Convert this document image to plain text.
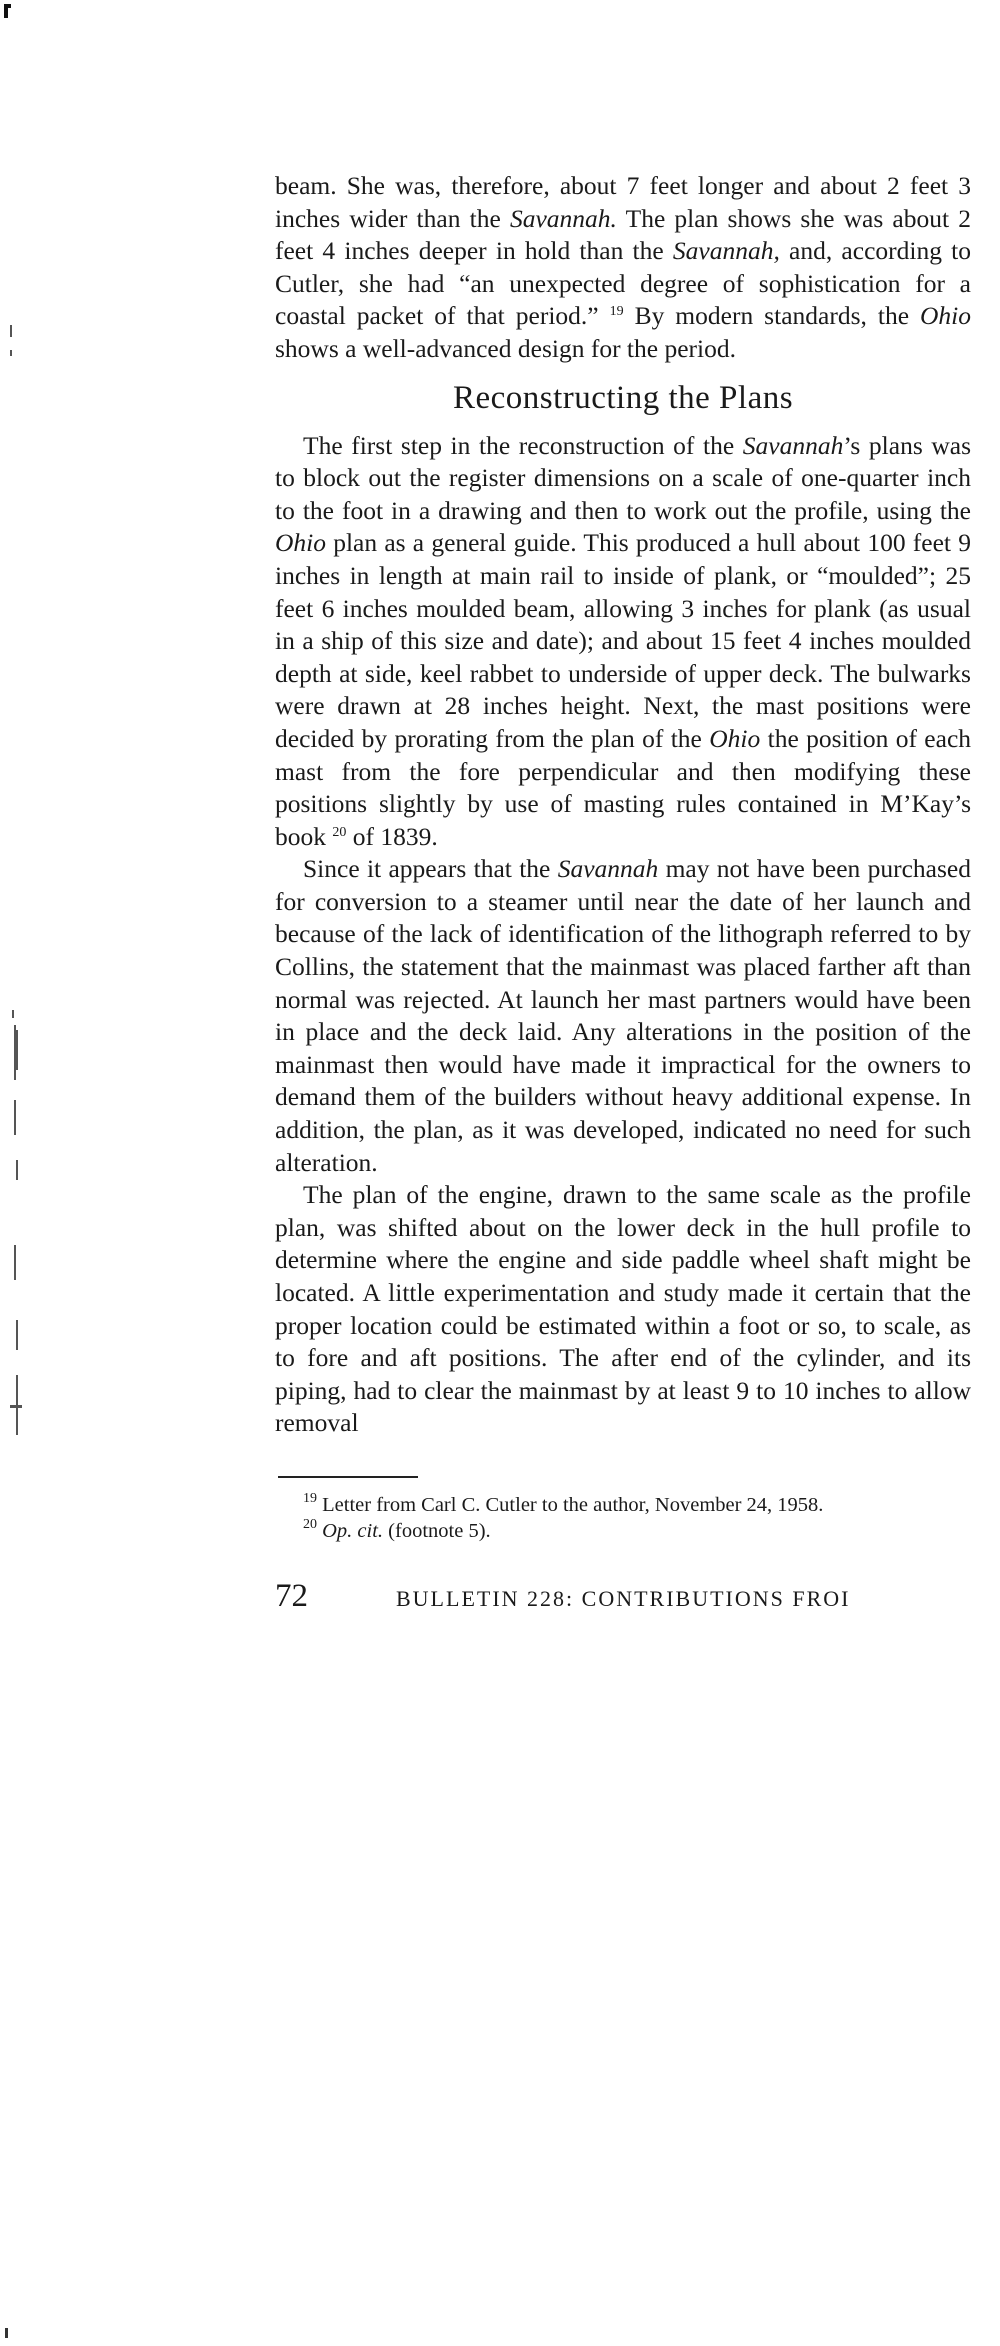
beam. She was, therefore, about 7 feet longer and about 2 feet 3 inches wider than the Savannah. The plan shows she was about 2 feet 4 inches deeper in hold than the Savannah, and, according to Cutler, she had “an unexpected degree of sophistication for a coastal packet of that period.” $^{19}$ By modern standards, the Ohio shows a well-advanced design for the period.

Reconstructing the Plans

The first step in the reconstruction of the Savannah’s plans was to block out the register dimensions on a scale of one-quarter inch to the foot in a drawing and then to work out the profile, using the Ohio plan as a general guide. This produced a hull about 100 feet 9 inches in length at main rail to inside of plank, or “moulded”; 25 feet 6 inches moulded beam, allowing 3 inches for plank (as usual in a ship of this size and date); and about 15 feet 4 inches moulded depth at side, keel rabbet to underside of upper deck. The bulwarks were drawn at 28 inches height. Next, the mast positions were decided by prorating from the plan of the Ohio the position of each mast from the fore perpendicular and then modifying these positions slightly by use of masting rules contained in M’Kay’s book $^{20}$ of 1839.

Since it appears that the Savannah may not have been purchased for conversion to a steamer until near the date of her launch and because of the lack of identification of the lithograph referred to by Collins, the statement that the mainmast was placed farther aft than normal was rejected. At launch her mast partners would have been in place and the deck laid. Any alterations in the position of the mainmast then would have made it impractical for the owners to demand them of the builders without heavy additional expense. In addition, the plan, as it was developed, indicated no need for such alteration.

The plan of the engine, drawn to the same scale as the profile plan, was shifted about on the lower deck in the hull profile to determine where the engine and side paddle wheel shaft might be located. A little experimentation and study made it certain that the proper location could be estimated within a foot or so, to scale, as to fore and aft positions. The after end of the cylinder, and its piping, had to clear the mainmast by at least 9 to 10 inches to allow removal

$^{19}$ Letter from Carl C. Cutler to the author, November 24, 1958.

$^{20}$ Op. cit. (footnote 5).

72	BULLETIN 228: CONTRIBUTIONS FROI
